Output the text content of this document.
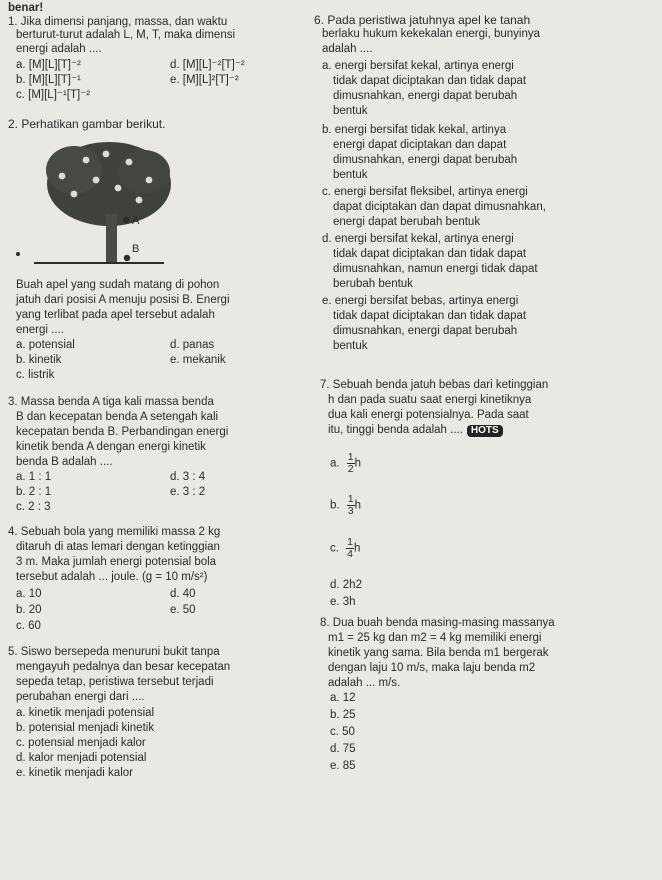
benar!
1. Jika dimensi panjang, massa, dan waktu
berturut-turut adalah L, M, T, maka dimensi
energi adalah ....
a. [M][L][T]⁻²	d. [M][L]⁻²[T]⁻²
b. [M][L][T]⁻¹	e. [M][L]²[T]⁻²
c. [M][L]⁻¹[T]⁻²
2. Perhatikan gambar berikut.
Buah apel yang sudah matang di pohon
jatuh dari posisi A menuju posisi B. Energi
yang terlibat pada apel tersebut adalah
energi ....
a. potensial	d. panas
b. kinetik	e. mekanik
c. listrik
3. Massa benda A tiga kali massa benda
B dan kecepatan benda A setengah kali
kecepatan benda B. Perbandingan energi
kinetik benda A dengan energi kinetik
benda B adalah ....
a. 1 : 1	d. 3 : 4
b. 2 : 1	e. 3 : 2
c. 2 : 3
4. Sebuah bola yang memiliki massa 2 kg
ditaruh di atas lemari dengan ketinggian
3 m. Maka jumlah energi potensial bola
tersebut adalah ... joule. (g = 10 m/s²)
a. 10	d. 40
b. 20	e. 50
c. 60
5. Siswo bersepeda menuruni bukit tanpa
mengayuh pedalnya dan besar kecepatan
sepeda tetap, peristiwa tersebut terjadi
perubahan energi dari ....
a. kinetik menjadi potensial
b. potensial menjadi kinetik
c. potensial menjadi kalor
d. kalor menjadi potensial
e. kinetik menjadi kalor
A
B
6. Pada peristiwa jatuhnya apel ke tanah
berlaku hukum kekekalan energi, bunyinya
adalah ....
a. energi bersifat kekal, artinya energi
tidak dapat diciptakan dan tidak dapat
dimusnahkan, energi dapat berubah
bentuk
b. energi bersifat tidak kekal, artinya
energi dapat diciptakan dan dapat
dimusnahkan, energi dapat berubah
bentuk
c. energi bersifat fleksibel, artinya energi
dapat diciptakan dan dapat dimusnahkan,
energi dapat berubah bentuk
d. energi bersifat kekal, artinya energi
tidak dapat diciptakan dan tidak dapat
dimusnahkan, namun energi tidak dapat
berubah bentuk
e. energi bersifat bebas, artinya energi
tidak dapat diciptakan dan tidak dapat
dimusnahkan, energi dapat berubah
bentuk
7. Sebuah benda jatuh bebas dari ketinggian
h dan pada suatu saat energi kinetiknya
dua kali energi potensialnya. Pada saat
itu, tinggi benda adalah .... HOTS
a. $\frac{1}{2}$ h
b. $\frac{1}{3}$ h
c. $\frac{1}{4}$ h
d. 2h2
e. 3h
8. Dua buah benda masing-masing massanya
m1 = 25 kg dan m2 = 4 kg memiliki energi
kinetik yang sama. Bila benda m1 bergerak
dengan laju 10 m/s, maka laju benda m2
adalah ... m/s.
a. 12
b. 25
c. 50
d. 75
e. 85
